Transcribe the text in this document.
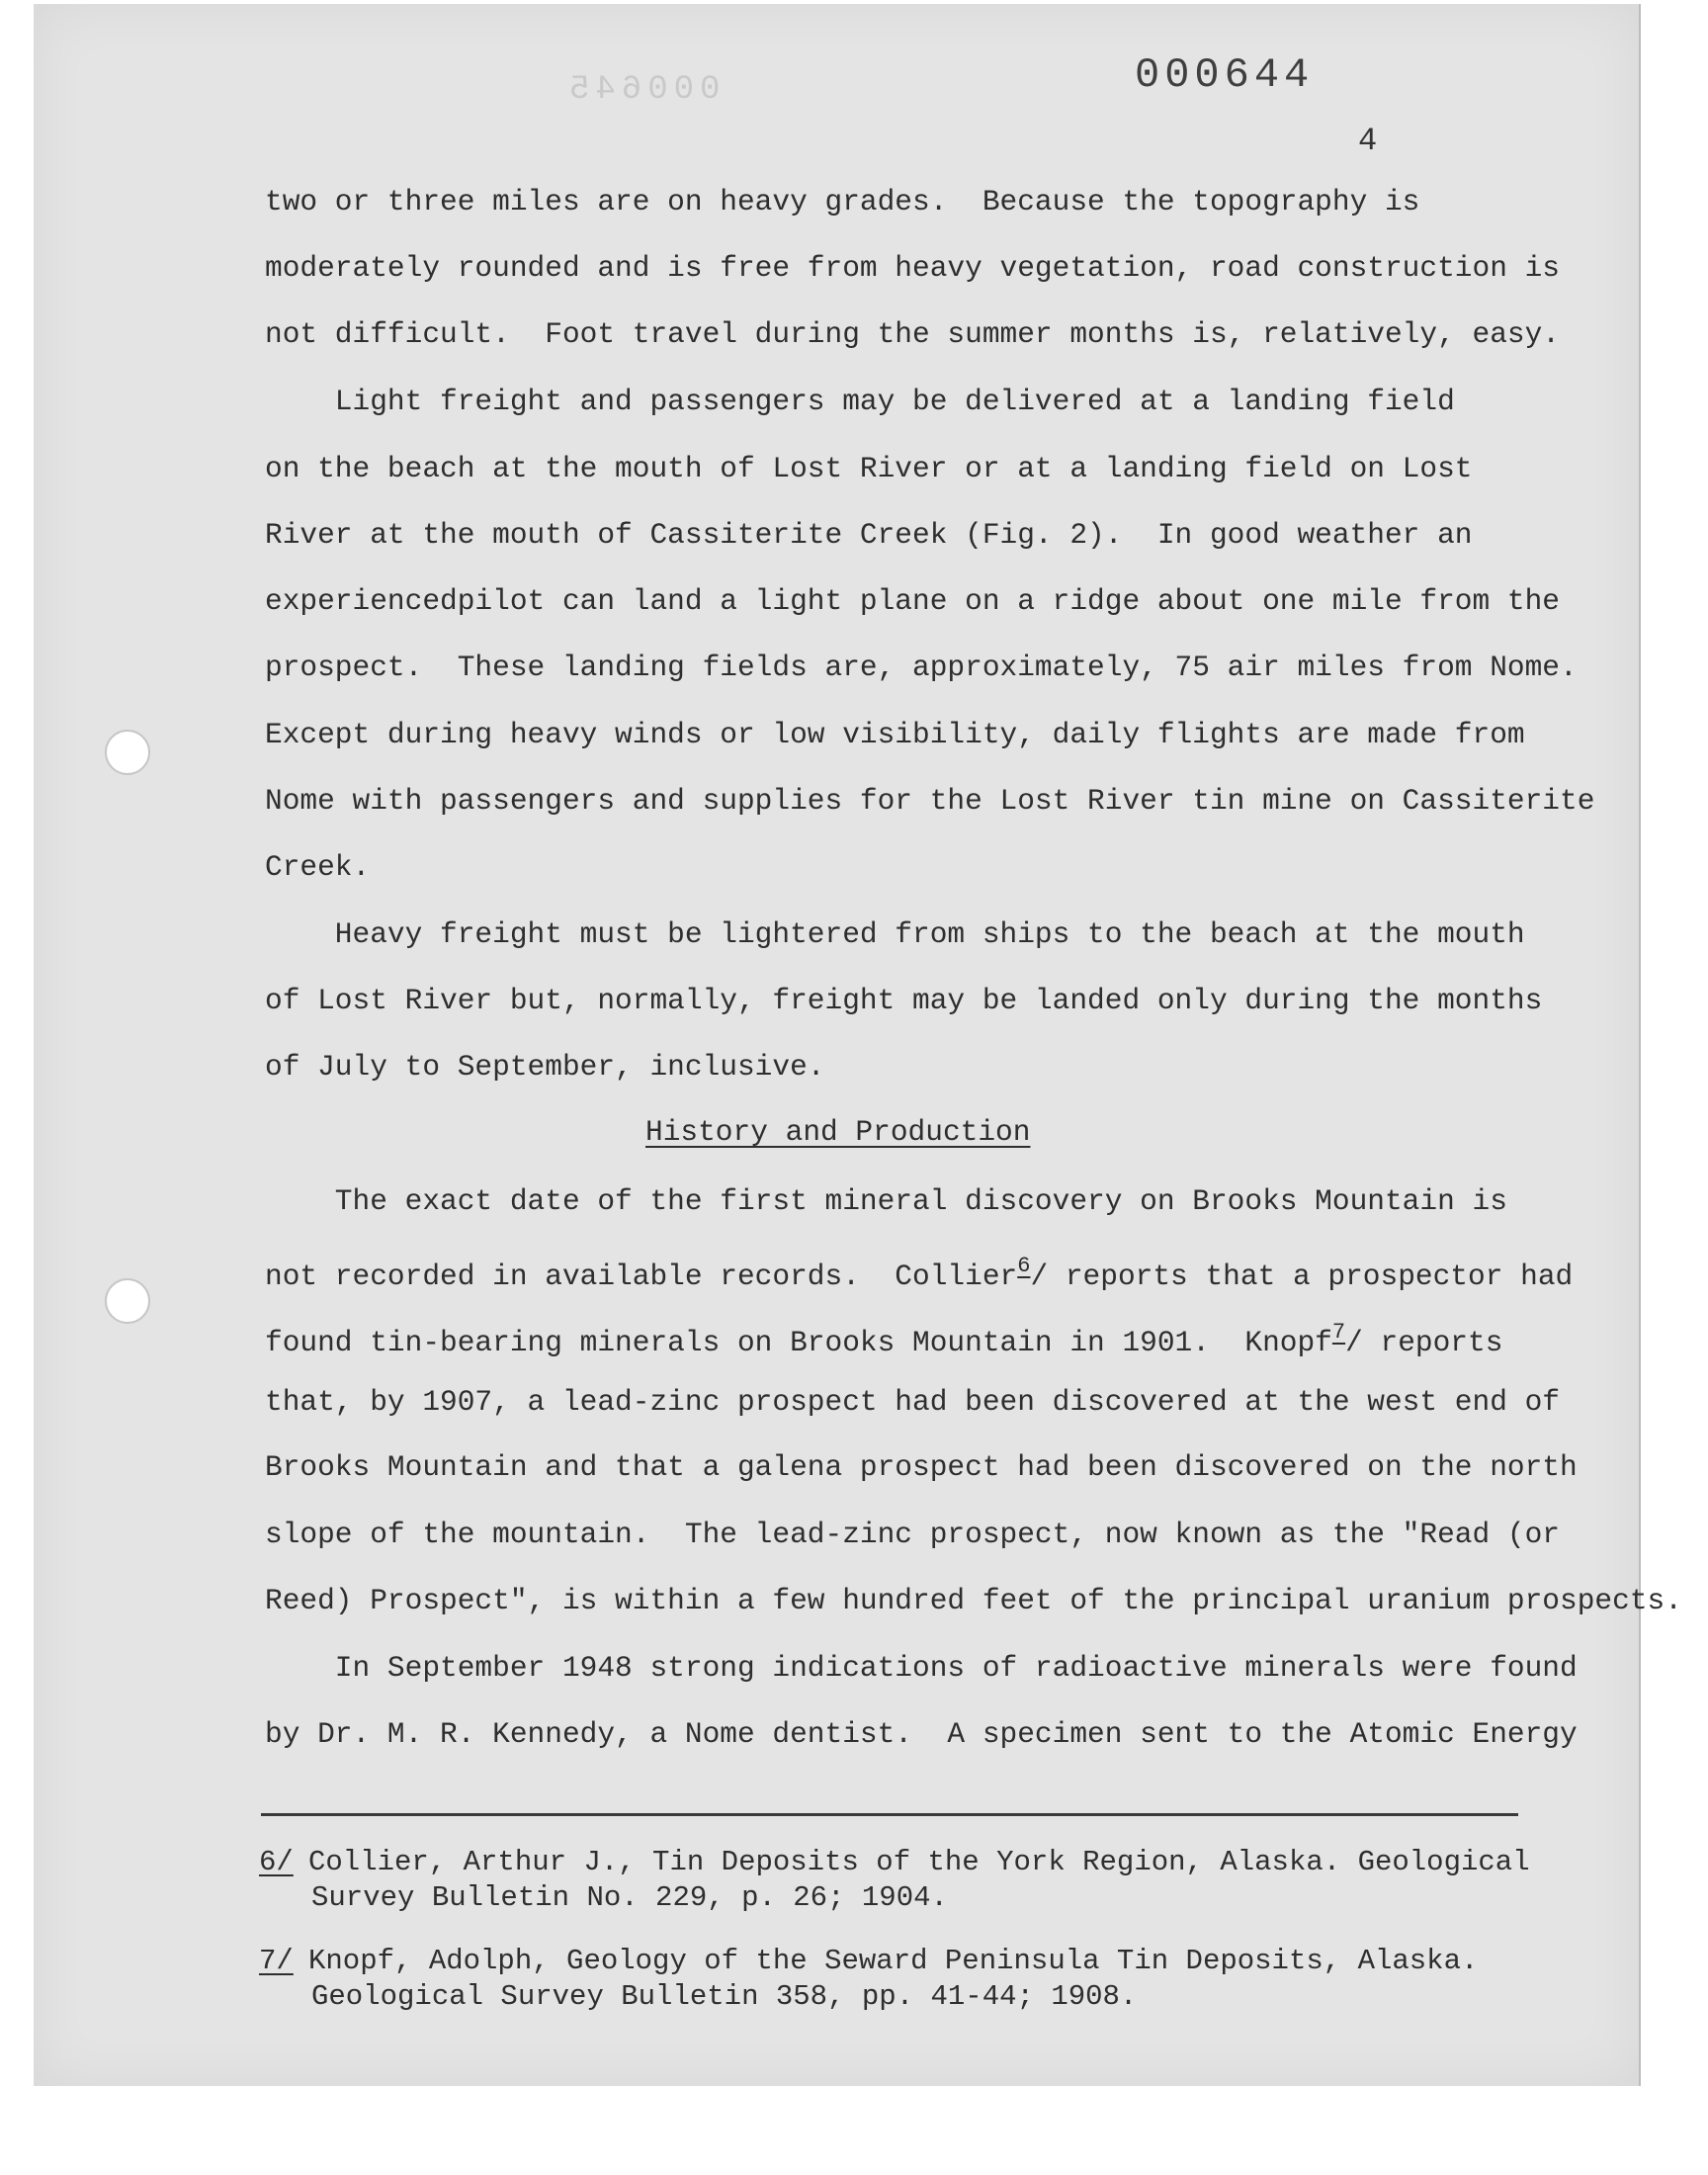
000645	000644
4
two or three miles are on heavy grades.  Because the topography is
moderately rounded and is free from heavy vegetation, road construction is
not difficult.  Foot travel during the summer months is, relatively, easy.
Light freight and passengers may be delivered at a landing field
on the beach at the mouth of Lost River or at a landing field on Lost
River at the mouth of Cassiterite Creek (Fig. 2).  In good weather an
experiencedpilot can land a light plane on a ridge about one mile from the
prospect.  These landing fields are, approximately, 75 air miles from Nome.
Except during heavy winds or low visibility, daily flights are made from
Nome with passengers and supplies for the Lost River tin mine on Cassiterite
Creek.
Heavy freight must be lightered from ships to the beach at the mouth
of Lost River but, normally, freight may be landed only during the months
of July to September, inclusive.
History and Production
The exact date of the first mineral discovery on Brooks Mountain is
not recorded in available records.  Collier$^6$/ reports that a prospector had
found tin-bearing minerals on Brooks Mountain in 1901.  Knopf$^7$/ reports
that, by 1907, a lead-zinc prospect had been discovered at the west end of
Brooks Mountain and that a galena prospect had been discovered on the north
slope of the mountain.  The lead-zinc prospect, now known as the "Read (or
Reed) Prospect", is within a few hundred feet of the principal uranium prospects.
In September 1948 strong indications of radioactive minerals were found
by Dr. M. R. Kennedy, a Nome dentist.  A specimen sent to the Atomic Energy
6/ Collier, Arthur J., Tin Deposits of the York Region, Alaska. Geological
Survey Bulletin No. 229, p. 26; 1904.
7/ Knopf, Adolph, Geology of the Seward Peninsula Tin Deposits, Alaska.
Geological Survey Bulletin 358, pp. 41-44; 1908.
